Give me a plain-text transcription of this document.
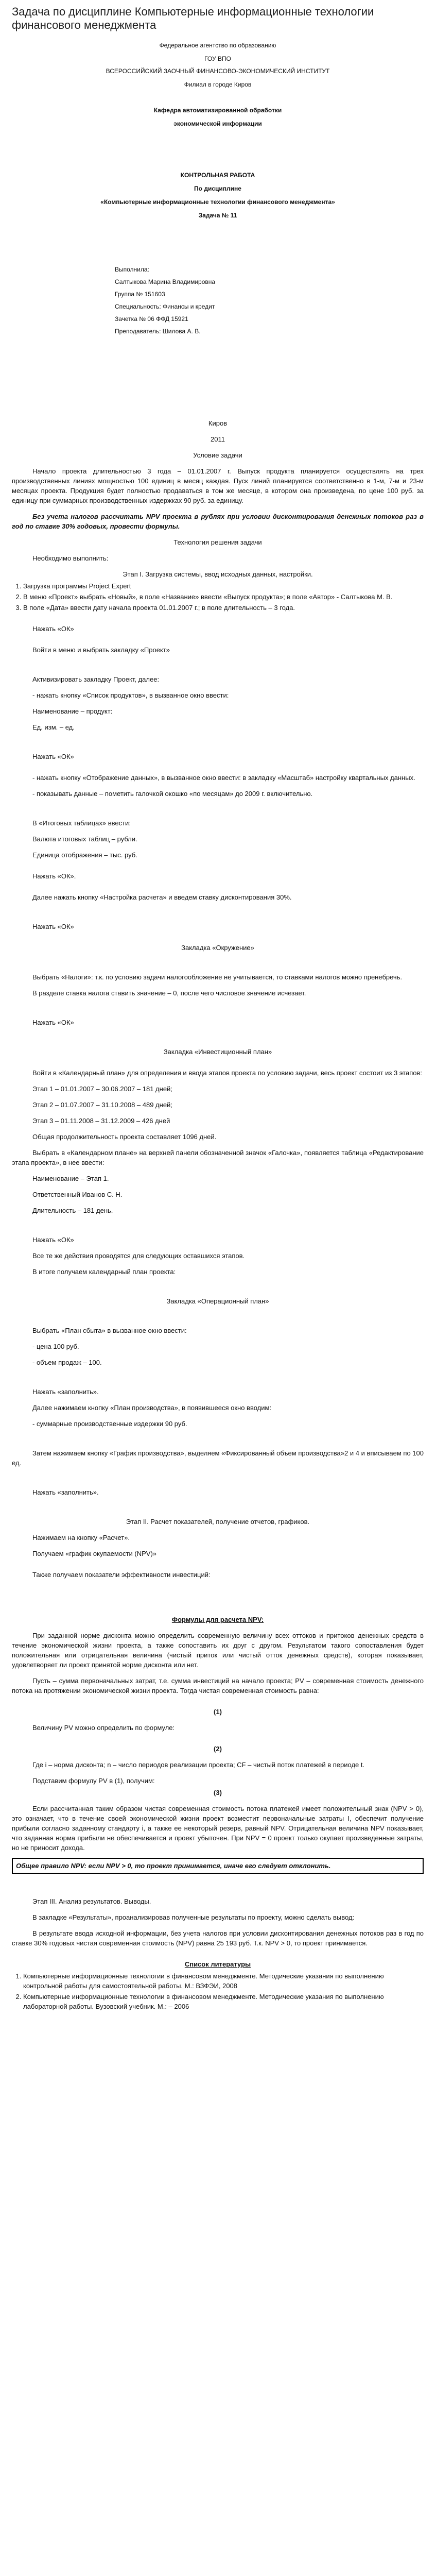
Задача по дисциплине Компьютерные информационные технологии финансового менеджмента

Федеральное агентство по образованию

ГОУ ВПО

ВСЕРОССИЙСКИЙ ЗАОЧНЫЙ ФИНАНСОВО-ЭКОНОМИЧЕСКИЙ ИНСТИТУТ

Филиал в городе Киров

Кафедра автоматизированной обработки

экономической информации

КОНТРОЛЬНАЯ РАБОТА

По дисциплине

«Компьютерные информационные технологии финансового менеджмента»

Задача № 11

Выполнила:

Салтыкова Марина Владимировна

Группа № 151603

Специальность: Финансы и кредит

Зачетка № 06 ФФД 15921

Преподаватель: Шилова А. В.

Киров

2011

Условие задачи

Начало проекта длительностью 3 года – 01.01.2007 г. Выпуск продукта планируется осуществлять на трех производственных линиях мощностью 100 единиц в месяц каждая. Пуск линий планируется соответственно в 1-м, 7-м и 23-м месяцах проекта. Продукция будет полностью продаваться в том же месяце, в котором она произведена, по цене 100 руб. за единицу при суммарных производственных издержках 90 руб. за единицу.

Без учета налогов рассчитать NPV проекта в рублях при условии дисконтирования денежных потоков раз в год по ставке 30% годовых, провести формулы.

Технология решения задачи

Необходимо выполнить:

Этап I. Загрузка системы, ввод исходных данных, настройки.

1. Загрузка программы Project Expert
2. В меню «Проект» выбрать «Новый», в поле «Название» ввести «Выпуск продукта»; в поле «Автор» - Салтыкова М. В.
3. В поле «Дата» ввести дату начала проекта 01.01.2007 г.; в поле длительность – 3 года.

Нажать «ОК»

Войти в меню и выбрать закладку «Проект»

Активизировать закладку Проект, далее:

- нажать кнопку «Список продуктов», в вызванное окно ввести:

Наименование – продукт:

Ед. изм. – ед.

Нажать «ОК»

- нажать кнопку «Отображение данных», в вызванное окно ввести: в закладку «Масштаб» настройку квартальных данных.

- показывать данные – пометить галочкой окошко «по месяцам» до 2009 г. включительно.

В «Итоговых таблицах» ввести:

Валюта итоговых таблиц – рубли.

Единица отображения – тыс. руб.

Нажать «ОК».

Далее нажать кнопку «Настройка расчета» и введем ставку дисконтирования 30%.

Нажать «ОК»

Закладка «Окружение»

Выбрать «Налоги»: т.к. по условию задачи налогообложение не учитывается, то ставками налогов можно пренебречь.

В разделе ставка налога ставить значение – 0, после чего числовое значение исчезает.

Нажать «ОК»

Закладка «Инвестиционный план»

Войти в «Календарный план» для определения и ввода этапов проекта по условию задачи, весь проект состоит из 3 этапов:

Этап 1 – 01.01.2007 – 30.06.2007 – 181 дней;

Этап 2 – 01.07.2007 – 31.10.2008 – 489 дней;

Этап 3 – 01.11.2008 – 31.12.2009 – 426 дней

Общая продолжительность проекта составляет 1096 дней.

Выбрать в «Календарном плане» на верхней панели обозначенной значок «Галочка», появляется таблица «Редактирование этапа проекта», в нее ввести:

Наименование – Этап 1.

Ответственный Иванов С. Н.

Длительность – 181 день.

Нажать «ОК»

Все те же действия проводятся для следующих оставшихся этапов.

В итоге получаем календарный план проекта:

Закладка «Операционный план»

Выбрать «План сбыта» в вызванное окно ввести:

- цена 100 руб.

- объем продаж – 100.

Нажать «заполнить».

Далее нажимаем кнопку «План производства», в появившееся окно вводим:

- суммарные производственные издержки 90 руб.

Затем нажимаем кнопку «График производства», выделяем «Фиксированный объем производства»2 и 4 и вписываем по 100 ед.

Нажать «заполнить».

Этап II. Расчет показателей, получение отчетов, графиков.

Нажимаем на кнопку «Расчет».

Получаем «график окупаемости (NPV)»

Также получаем показатели эффективности инвестиций:

Формулы для расчета NPV:

При заданной норме дисконта можно определить современную величину всех оттоков и притоков денежных средств в течение экономической жизни проекта, а также сопоставить их друг с другом. Результатом такого сопоставления будет положительная или отрицательная величина (чистый приток или чистый отток денежных средств), которая показывает, удовлетворяет ли проект принятой норме дисконта или нет.

Пусть – сумма первоначальных затрат, т.е. сумма инвестиций на начало проекта; PV – современная стоимость денежного потока на протяжении экономической жизни проекта. Тогда чистая современная стоимость равна:

(1)

Величину PV можно определить по формуле:

(2)

Где i – норма дисконта; n – число периодов реализации проекта; CF – чистый поток платежей в периоде t.

Подставим формулу PV в (1), получим:

(3)

Если рассчитанная таким образом чистая современная стоимость потока платежей имеет положительный знак (NPV > 0), это означает, что в течение своей экономической жизни проект возместит первоначальные затраты I, обеспечит получение прибыли согласно заданному стандарту i, а также ее некоторый резерв, равный NPV. Отрицательная величина NPV показывает, что заданная норма прибыли не обеспечивается и проект убыточен. При NPV = 0 проект только окупает произведенные затраты, но не приносит дохода.

Общее правило NPV: если NPV > 0, то проект принимается, иначе его следует отклонить.

Этап III. Анализ результатов. Выводы.

В закладке «Результаты», проанализировав полученные результаты по проекту, можно сделать вывод:

В результате ввода исходной информации, без учета налогов при условии дисконтирования денежных потоков раз в год по ставке 30% годовых чистая современная стоимость (NPV) равна 25 193 руб. Т.к. NPV > 0, то проект принимается.

Список литературы

1. Компьютерные информационные технологии в финансовом менеджменте. Методические указания по выполнению контрольной работы для самостоятельной работы. М.: ВЗФЭИ, 2008
2. Компьютерные информационные технологии в финансовом менеджменте. Методические указания по выполнению лабораторной работы. Вузовский учебник. М.: – 2006
